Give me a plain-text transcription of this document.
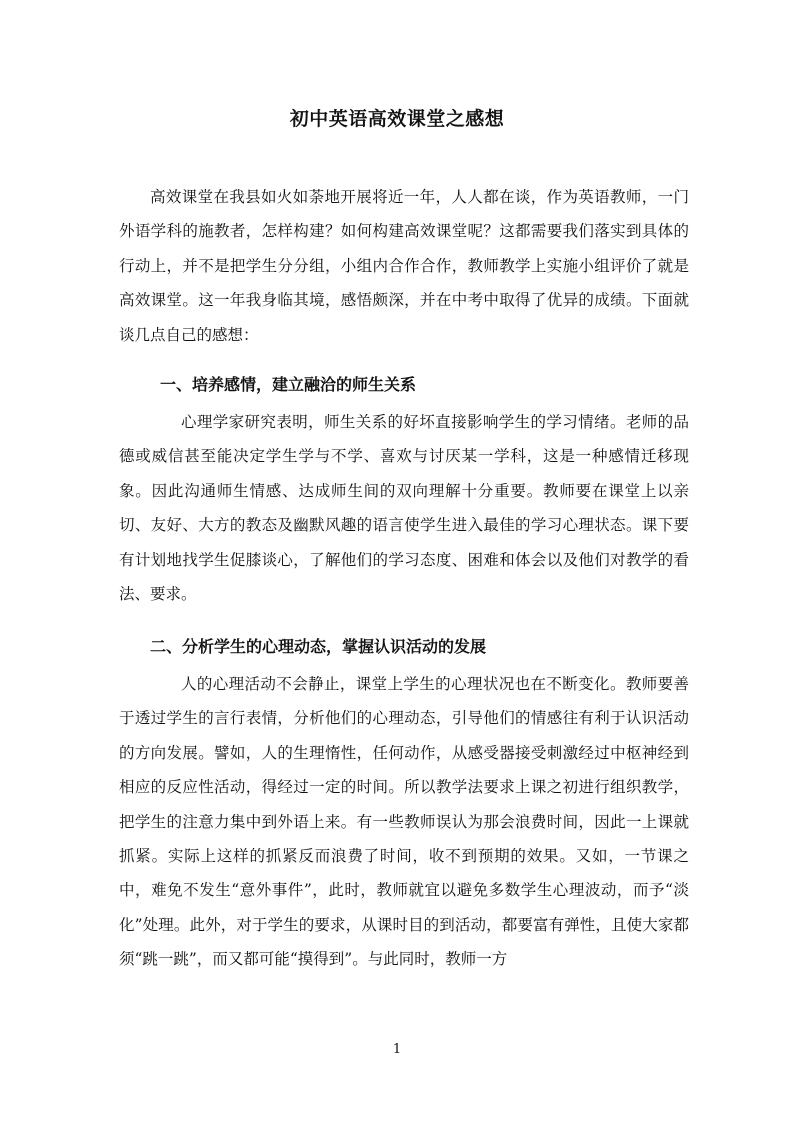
初中英语高效课堂之感想
高效课堂在我县如火如荼地开展将近一年，人人都在谈，作为英语教师，一门外语学科的施教者，怎样构建？如何构建高效课堂呢？这都需要我们落实到具体的行动上，并不是把学生分分组，小组内合作合作，教师教学上实施小组评价了就是高效课堂。这一年我身临其境，感悟颇深，并在中考中取得了优异的成绩。下面就谈几点自己的感想：
一、培养感情，建立融洽的师生关系
心理学家研究表明，师生关系的好坏直接影响学生的学习情绪。老师的品德或威信甚至能决定学生学与不学、喜欢与讨厌某一学科，这是一种感情迁移现象。因此沟通师生情感、达成师生间的双向理解十分重要。教师要在课堂上以亲切、友好、大方的教态及幽默风趣的语言使学生进入最佳的学习心理状态。课下要有计划地找学生促膝谈心，了解他们的学习态度、困难和体会以及他们对教学的看法、要求。
二、分析学生的心理动态，掌握认识活动的发展
人的心理活动不会静止，课堂上学生的心理状况也在不断变化。教师要善于透过学生的言行表情，分析他们的心理动态，引导他们的情感往有利于认识活动的方向发展。譬如，人的生理惰性，任何动作，从感受器接受刺激经过中枢神经到相应的反应性活动，得经过一定的时间。所以教学法要求上课之初进行组织教学，把学生的注意力集中到外语上来。有一些教师误认为那会浪费时间，因此一上课就抓紧。实际上这样的抓紧反而浪费了时间，收不到预期的效果。又如，一节课之中，难免不发生“意外事件”，此时，教师就宜以避免多数学生心理波动，而予“淡化”处理。此外，对于学生的要求，从课时目的到活动，都要富有弹性，且使大家都须“跳一跳”，而又都可能“摸得到”。与此同时，教师一方
1
